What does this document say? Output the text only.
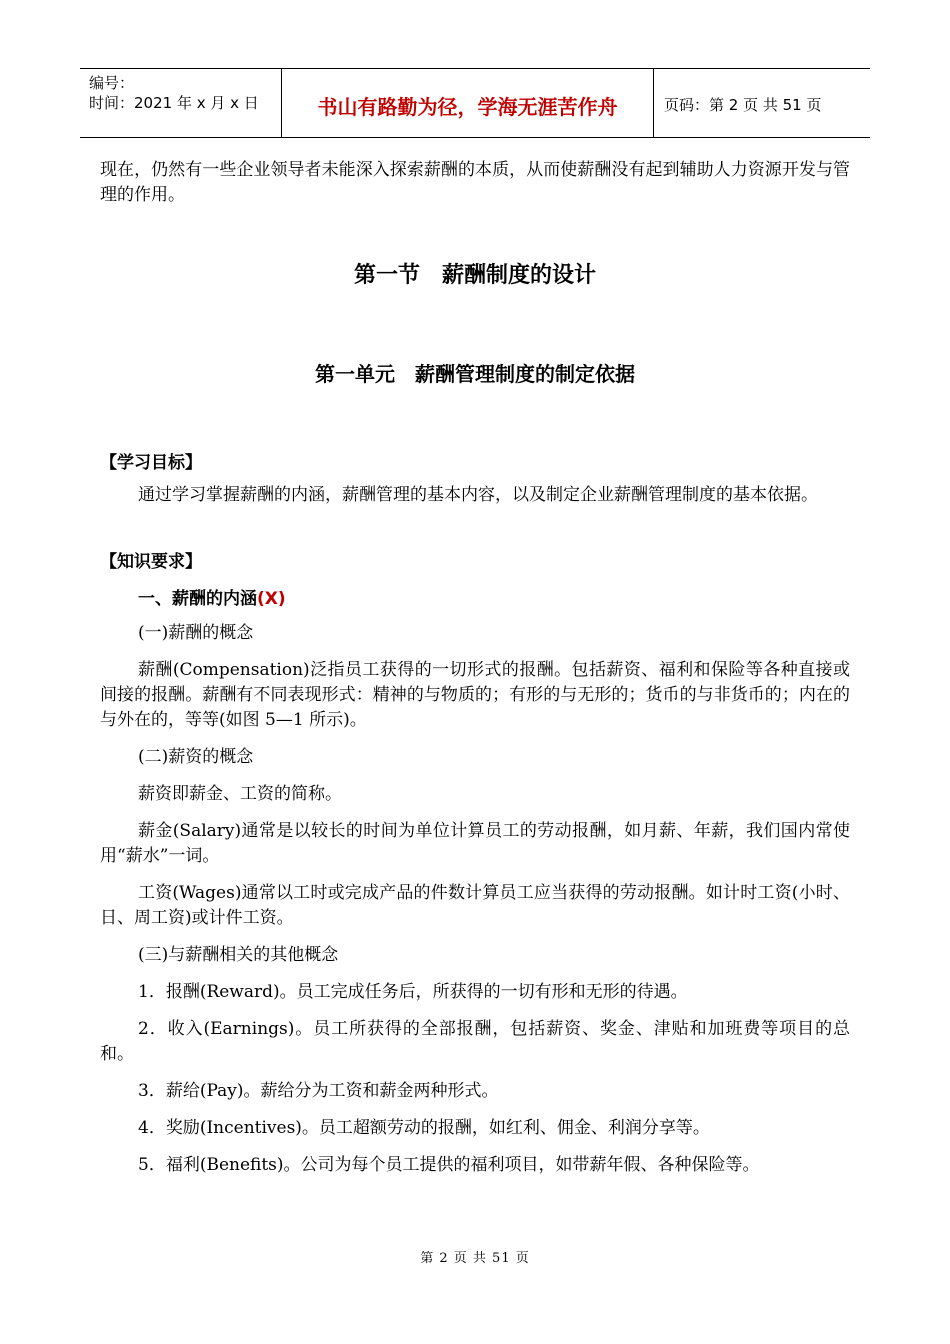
编号：
时间：2021 年 x 月 x 日	书山有路勤为径，学海无涯苦作舟	页码：第 2 页 共 51 页

现在，仍然有一些企业领导者未能深入探索薪酬的本质，从而使薪酬没有起到辅助人力资源开发与管理的作用。

第一节　薪酬制度的设计
第一单元　薪酬管理制度的制定依据
【学习目标】

通过学习掌握薪酬的内涵，薪酬管理的基本内容，以及制定企业薪酬管理制度的基本依据。

【知识要求】

一、薪酬的内涵(X)

(一)薪酬的概念

薪酬(Compensation)泛指员工获得的一切形式的报酬。包括薪资、福利和保险等各种直接或间接的报酬。薪酬有不同表现形式：精神的与物质的；有形的与无形的；货币的与非货币的；内在的与外在的，等等(如图 5—1 所示)。

(二)薪资的概念

薪资即薪金、工资的简称。

薪金(Salary)通常是以较长的时间为单位计算员工的劳动报酬，如月薪、年薪，我们国内常使用“薪水”一词。

工资(Wages)通常以工时或完成产品的件数计算员工应当获得的劳动报酬。如计时工资(小时、日、周工资)或计件工资。

(三)与薪酬相关的其他概念

1．报酬(Reward)。员工完成任务后，所获得的一切有形和无形的待遇。

2．收入(Earnings)。员工所获得的全部报酬，包括薪资、奖金、津贴和加班费等项目的总和。

3．薪给(Pay)。薪给分为工资和薪金两种形式。

4．奖励(Incentives)。员工超额劳动的报酬，如红利、佣金、利润分享等。

5．福利(Benefits)。公司为每个员工提供的福利项目，如带薪年假、各种保险等。

第 2 页 共 51 页
